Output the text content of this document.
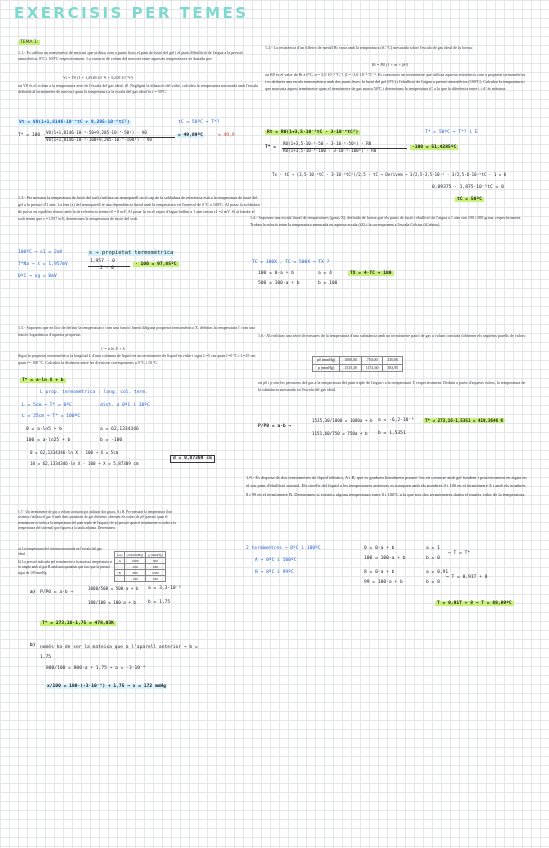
EXERCISIS PER TEMES
TEMA 1:
1.1.- Es calibra un termòmetre de mercuri que utilitza com a punts fixos el punt de fusió del gel i el punt d'ebullició de l'aigua a la pressió atmosfèrica, 0ºC i 100ºC respectivament. La variació de volum del mercuri entre aquestes temperatures ve donada per:
Vt = V0 (1 + 1,8146·10⁻⁴t + 9,205·10⁻⁹t²)
on V0 és el volum a la temperatura zero de l'escala del gas ideal, t0. Negligint la dilatació del vidre, calculeu la temperatura mesurada amb l'escala definida al termòmetre de mercuri quan la temperatura a la escala del gas ideal és t = 50ºC.
Vt = V0(1+1,8146·10⁻⁴tC + 9,205·10⁻⁹tC²)	tC = 50ºC → T*?
T* = 100 ·
V0(1+1,8146·10⁻⁴·50+9,205·10⁻⁹·50²) - V0
V0(1+1,8146·10⁻⁴·100+9,205·10⁻⁹·100²) - V0
= 49,89ºC	≈ 49,9
1.2.- La resistència d'un filferro de metall Rt varia amb la temperatura (tC ºC) mesurada sobre l'escala de gas ideal de la forma:
Rt = R0 (1 + αt + βt²)
on R0 és el valor de Rt a 0ºC, α = 3,5·10⁻³ ºC⁻¹, β = -3,0·10⁻⁶ ºC⁻². Es construeix un termòmetre que utilitza aquesta resistència com a propietat termomètrica i es defineix una escala termomètrica amb dos punts fixos: la fusió del gel (0ºC) i l'ebullició de l'aigua a pressió atmosfèrica (100ºC). Calculeu la temperatura t que marcaria aquest termòmetre quan el termòmetre de gas marca 50ºC i determineu la temperatura tC a la que la diferència entre t i tC és màxima.
Rt = R0(1+3,5·10⁻³tC - 3·10⁻⁶tC²)	T* = 50ºC → T*? i E
T* =
R0(1+3,5·10⁻³·50 - 3·10⁻⁶·50²) - R0
R0(1+3,5·10⁻³·100 - 3·10⁻⁶·100²) - R0
·100 = 51,4285ºC
Tx - tC → (3,5·10⁻³tC - 3·10⁻⁶tC²)/2,5 - tC → Derivem → 3/2,5·3,5·10⁻³ - 3/2,5·6·10⁻⁶tC - 1 = 0
0,09375 - 1,875·10⁻⁵tC = 0
tC = 50ºC
1.3.- Per mesurar la temperatura de fusió del sodi s'utilitza un termoparell on el cap de la soldadura de referència està a la temperatura de fusió del gel a la pressió d'1 atm. La fem (ε) del termoparell té una dependència lineal amb la temperatura en l'interval de 0 ºC a 100ºC. Al posar la soldadura de prova en equilibri tèrmic amb la de referència tenim ε0 = 0 mV. Al posar la en el vapor d'aigua bullint a 1 atm tenim ε1 =2 mV. Si al fondre el sodi tenim que ε =1,957 mV, determineu la temperatura de fusió del sodi.
100ºC → ε1 = 2mV	ε → propietat termomètrica
T*Na → ε = 1,957mV
1,957 - 0
2 - 0
· 100 = 97,85ºC
0ºC → εg = 0mV
1.4.- Suposem una escala lineal de temperatures (graus X), definida de forma que els punts de fusió i ebullició de l'aigua a 1 atm són 100 i 500 graus, respectivament. Trobeu la relació entre la temperatura mesurada en aquesta escala (tX) i la corresponent a l'escala Celsius (tCelsius).
TC = 100X , TC = 500X → TX ?
100 = 0·a + b	a = 4	TX = 4·TC + 100
500 = 100·a + b	b = 100
1.5.- Suposem que en lloc de definir la temperatura t com una funció lineal d'alguna propietat termomètrica X, definim la temperatura t' com una funció logarítmica d'aquesta propietat:
t' = a ln X + b
Sigui la propietat termomètrica la longitud L d'una columna de líquid en un termòmetre de líquid en vidre i sigui L=5 cm quan t'=0 ºC i L=25 cm quan t'= 100 ºC. Calculeu la distància entre les divisions corresponents a 0 ºC i 10 ºC.
T* = a·ln X + b
L prop. termomètrica : long. col. term.
L = 5cm → T* = 0ºC	dist. a 0ºC i 10ºC
L = 25cm → T* = 100ºC
0 = a·ln5 + b	a = 62,1334346
100 = a·ln25 + b	b = -100
0 = 62,1334346·ln X - 100 → X = 5cm
10 = 62,1334346·ln X - 100 → X = 5,87309 cm
d = 0,87309 cm
1.6.- Al realitzar una sèrie de mesures de la temperatura d'una substància amb un termòmetre patró de gas a volum constant s'obtenen els següents parells de valors:
p0 (mmHg)	1000,00	750,00	250,00
p (mmHg)	1535,30	1151,60	383,95
on p0 i p són les pressions del gas a la temperatura del punt triple de l'aigua i a la temperatura T, respectivament. Deduïu a partir d'aquests valors, la temperatura de la substància mesurada en l'escala del gas ideal.
P/P0 = a·b →
1535,30/1000 = 1000a + b
1151,60/750 = 750a + b
a = -6,2·10⁻⁶
b = 1,5351
T* = 273,16·1,5351 = 419,3646 K
1.7.- Un termòmetre de gas a volum constant pot utilitzar dos gasos, A i B. Per mesurar la temperatura d'un sistema s'utilitza el gas A amb dues quantitats de gas diferents, obtenint els valors de p0 (pressió quan el termòmetre es troba a la temperatura del punt triple de l'aigua) i de p (pressió quan el termòmetre es troba a la temperatura del sistema) que figuren a la taula adjunta. Determineu:
a) La temperatura del sistema mesurada en l'escala del gas ideal.
b) La pressió indicada pel termòmetre a la mateixa temperatura si és omple amb el gas B amb una quantitat que faci que la pressió sigui de 100 mmHg.
Gas	p0(mmHg)	p (mmHg)
A	1000	500
	100	180
B	800	1500
	100	180
a) P/P0 = a·b →
1000/500 = 500·a + b a = 3,3·10⁻⁵
180/100 = 100·a + b	b = 1,75
T* = 273,16·1,75 = 478,03K
b) només ha de ser la mateixa que a l'aparell anterior → b = 1,75
800/100 = 800·a + 1,75 → a = -3·10⁻⁴
x/100 = 100·(-3·10⁻⁴) + 1,75 → x = 172 mmHg
1.8.- Es disposa de dos termòmetres de líquid idèntics, A i B, que es graduen linealment posant- los en contacte amb gel fundent i posteriorment en aigua en el seu punt d'ebullició normal. Els nivells del líquid a les temperatures anteriors es marquen amb els nombres 0 i 100 en el termòmetre A i amb els nombres 8 i 99 en el termòmetre B. Determineu si existeix alguna temperatura entre 0 i 100ºC a la que tots dos termòmetres donin el mateix valor de la temperatura.
2 termòmetres → 0ºC i 100ºC
A → 0ºC i 100ºC
B → 8ºC i 99ºC
0 = 0·a + b
100 = 100·a + b
a = 1
b = 0
→ T = T*
8 = 0·a + b
99 = 100·a + b
a = 0,91
b = 8
→ T = 0,91T + 8
T = 0,91T + 8 → T = 88,89ºC
